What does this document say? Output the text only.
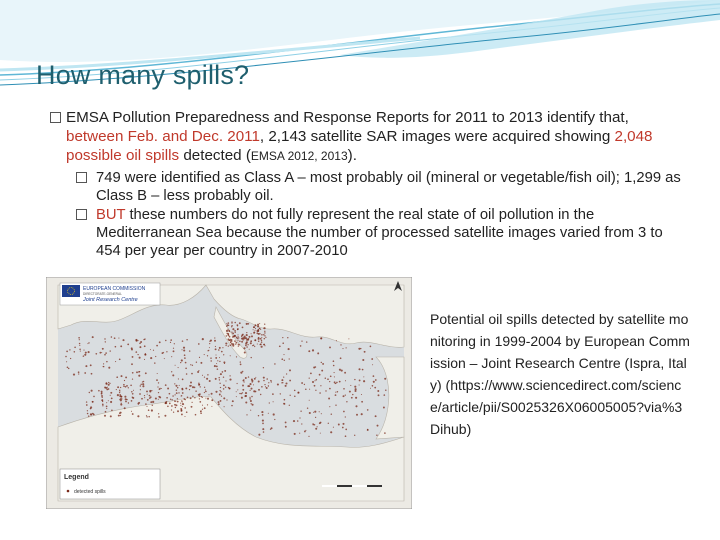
How many spills?
EMSA Pollution Preparedness and Response Reports for 2011 to 2013 identify that, between Feb. and Dec. 2011, 2,143 satellite SAR images were acquired showing 2,048 possible oil spills detected (EMSA 2012, 2013).
749 were identified as Class A – most probably oil (mineral or vegetable/fish oil); 1,299 as Class B – less probably oil.
BUT these numbers do not fully represent the real state of oil pollution in the Mediterranean Sea because the number of processed satellite images varied from 3 to 454 per year per country in 2007-2010
EUROPEAN COMMISSION
DIRECTORATE-GENERAL
Joint Research Centre
Legend
detected spills
Potential oil spills detected by satellite monitoring in 1999-2004 by European Commission – Joint Research Centre (Ispra, Italy) (https://www.sciencedirect.com/science/article/pii/S0025326X06005005?via%3Dihub)
